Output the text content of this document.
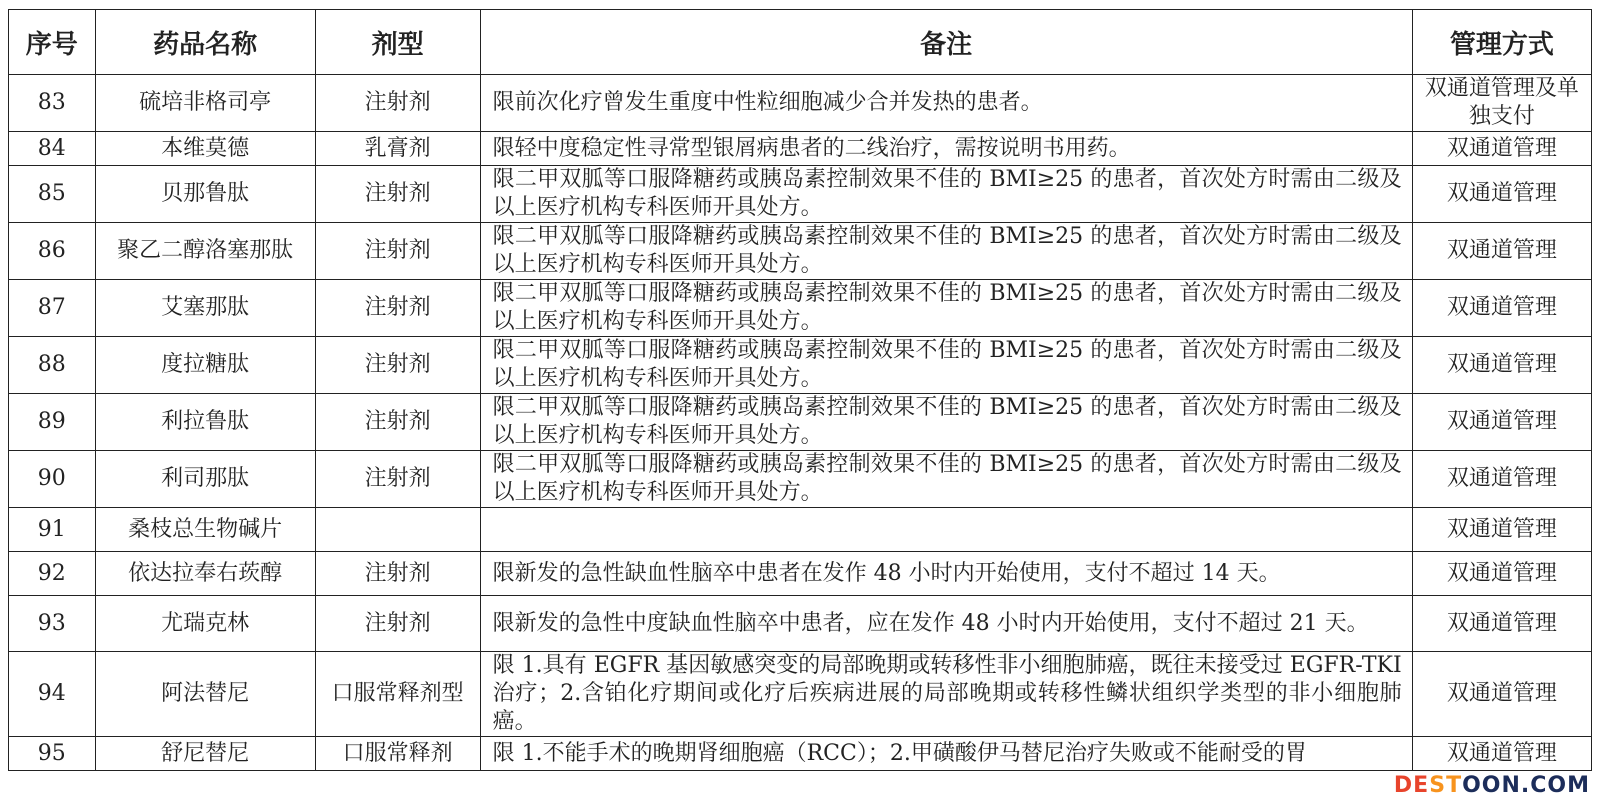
序号	药品名称	剂型	备注	管理方式
83	硫培非格司亭	注射剂	限前次化疗曾发生重度中性粒细胞减少合并发热的患者。	双通道管理及单独支付
84	本维莫德	乳膏剂	限轻中度稳定性寻常型银屑病患者的二线治疗，需按说明书用药。	双通道管理
85	贝那鲁肽	注射剂	限二甲双胍等口服降糖药或胰岛素控制效果不佳的 BMI≥25 的患者，首次处方时需由二级及以上医疗机构专科医师开具处方。	双通道管理
86	聚乙二醇洛塞那肽	注射剂	限二甲双胍等口服降糖药或胰岛素控制效果不佳的 BMI≥25 的患者，首次处方时需由二级及以上医疗机构专科医师开具处方。	双通道管理
87	艾塞那肽	注射剂	限二甲双胍等口服降糖药或胰岛素控制效果不佳的 BMI≥25 的患者，首次处方时需由二级及以上医疗机构专科医师开具处方。	双通道管理
88	度拉糖肽	注射剂	限二甲双胍等口服降糖药或胰岛素控制效果不佳的 BMI≥25 的患者，首次处方时需由二级及以上医疗机构专科医师开具处方。	双通道管理
89	利拉鲁肽	注射剂	限二甲双胍等口服降糖药或胰岛素控制效果不佳的 BMI≥25 的患者，首次处方时需由二级及以上医疗机构专科医师开具处方。	双通道管理
90	利司那肽	注射剂	限二甲双胍等口服降糖药或胰岛素控制效果不佳的 BMI≥25 的患者，首次处方时需由二级及以上医疗机构专科医师开具处方。	双通道管理
91	桑枝总生物碱片			双通道管理
92	依达拉奉右莰醇	注射剂	限新发的急性缺血性脑卒中患者在发作 48 小时内开始使用，支付不超过 14 天。	双通道管理
93	尤瑞克林	注射剂	限新发的急性中度缺血性脑卒中患者，应在发作 48 小时内开始使用，支付不超过 21 天。	双通道管理
94	阿法替尼	口服常释剂型	限 1.具有 EGFR 基因敏感突变的局部晚期或转移性非小细胞肺癌，既往未接受过 EGFR-TKI 治疗；2.含铂化疗期间或化疗后疾病进展的局部晚期或转移性鳞状组织学类型的非小细胞肺癌。	双通道管理
95	舒尼替尼	口服常释剂	限 1.不能手术的晚期肾细胞癌（RCC）；2.甲磺酸伊马替尼治疗失败或不能耐受的胃	双通道管理
DESTOON.COM
